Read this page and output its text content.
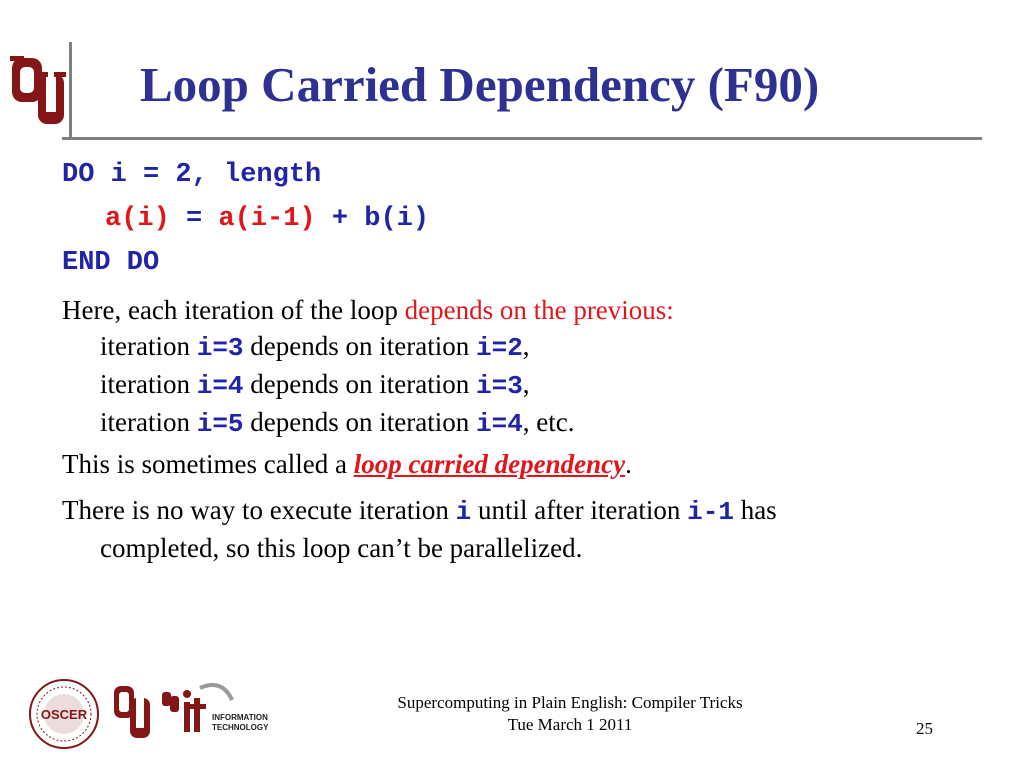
Loop Carried Dependency (F90)
DO i = 2, length
a(i) = a(i-1) + b(i)
END DO
Here, each iteration of the loop depends on the previous:
iteration i=3 depends on iteration i=2,
iteration i=4 depends on iteration i=3,
iteration i=5 depends on iteration i=4, etc.
This is sometimes called a loop carried dependency.
There is no way to execute iteration i until after iteration i-1 has
completed, so this loop can’t be parallelized.
OSCER	INFORMATION
TECHNOLOGY
Supercomputing in Plain English: Compiler Tricks
Tue March 1 2011	25
